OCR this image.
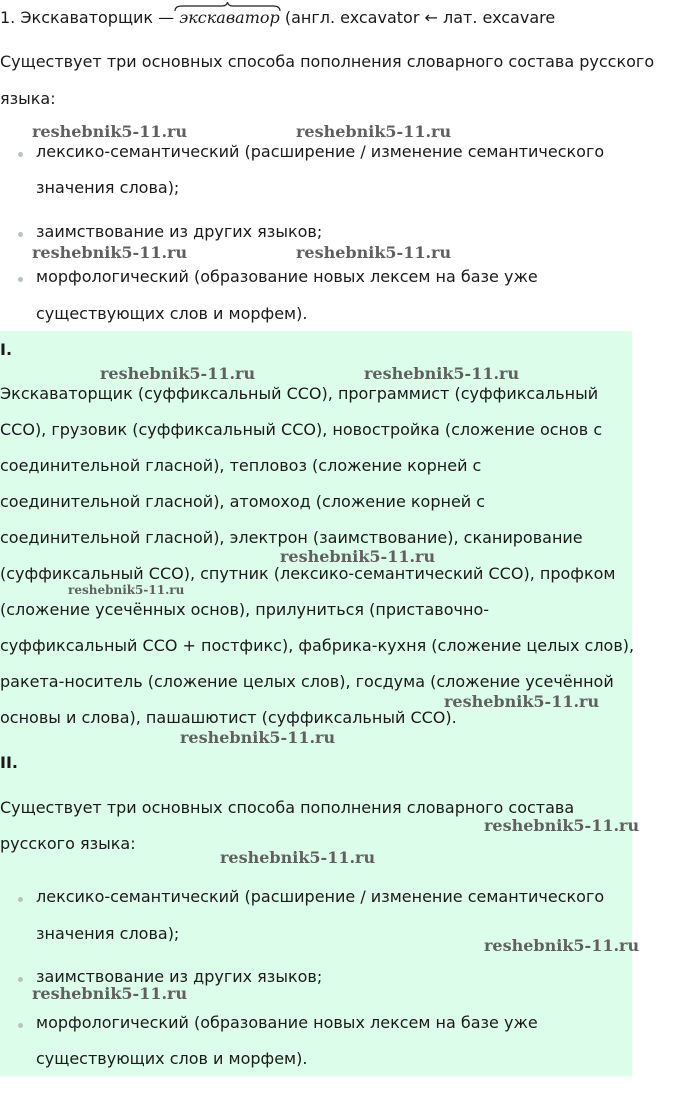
1. Экскаваторщик — экскаватор (англ. excavator ← лат. excavare

Существует три основных способа пополнения словарного состава русского

языка:

лексико-семантический (расширение / изменение семантического

значения слова);

заимствование из других языков;

морфологический (образование новых лексем на базе уже

существующих слов и морфем).

I.

Экскаваторщик (суффиксальный ССО), программист (суффиксальный

ССО), грузовик (суффиксальный ССО), новостройка (сложение основ с

соединительной гласной), тепловоз (сложение корней с

соединительной гласной), атомоход (сложение корней с

соединительной гласной), электрон (заимствование), сканирование

(суффиксальный ССО), спутник (лексико-семантический ССО), профком

(сложение усечённых основ), прилуниться (приставочно-

суффиксальный ССО + постфикс), фабрика-кухня (сложение целых слов),

ракета-носитель (сложение целых слов), госдума (сложение усечённой

основы и слова), пашашютист (суффиксальный ССО).

II.

Существует три основных способа пополнения словарного состава

русского языка:

лексико-семантический (расширение / изменение семантического

значения слова);

заимствование из других языков;

морфологический (образование новых лексем на базе уже

существующих слов и морфем).

reshebnik5-11.ru	reshebnik5-11.ru
reshebnik5-11.ru	reshebnik5-11.ru
reshebnik5-11.ru	reshebnik5-11.ru
reshebnik5-11.ru
reshebnik5-11.ru
reshebnik5-11.ru
reshebnik5-11.ru
reshebnik5-11.ru
reshebnik5-11.ru
reshebnik5-11.ru
reshebnik5-11.ru
